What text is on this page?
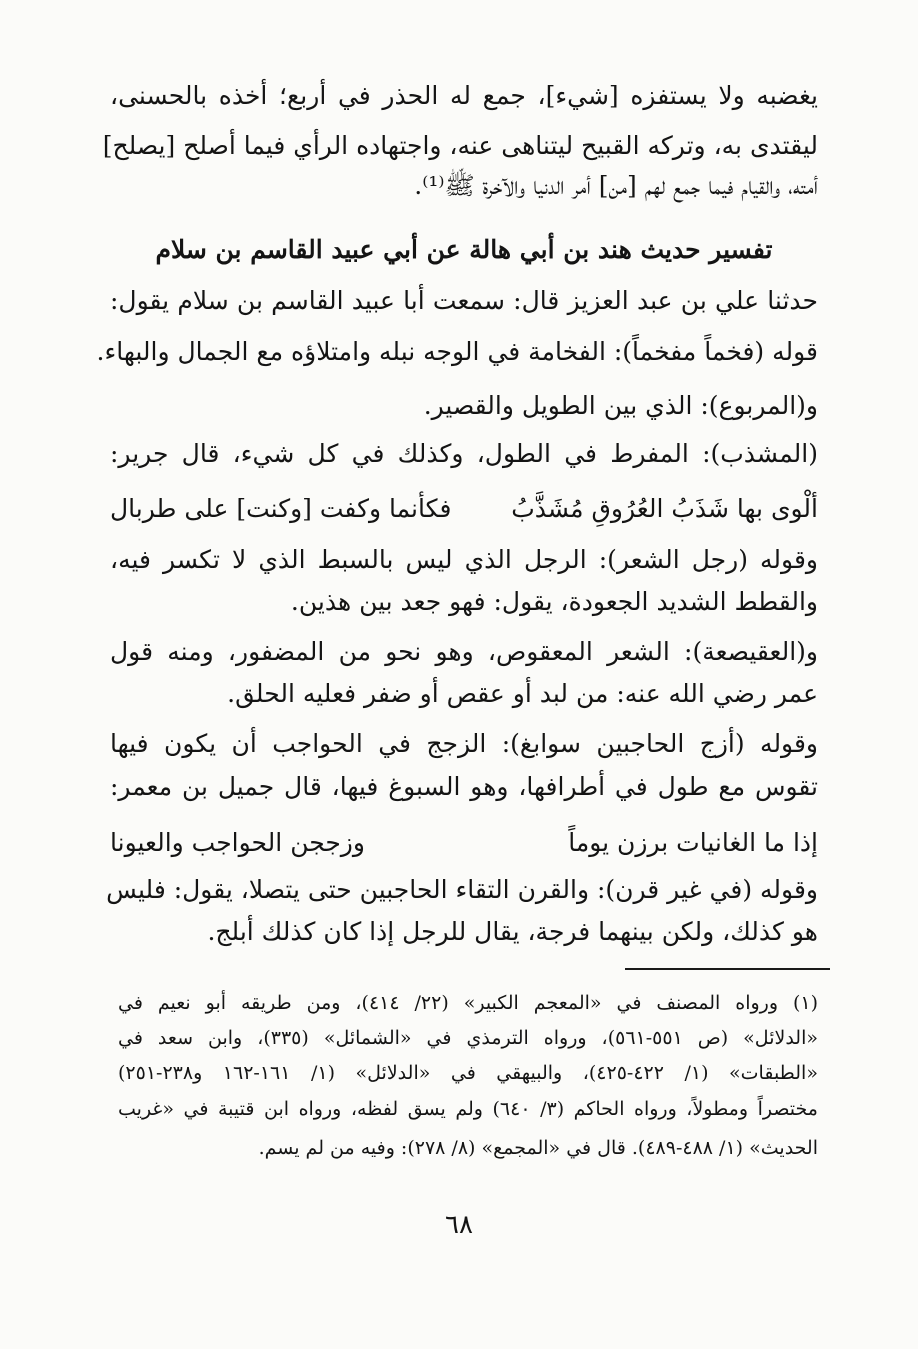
يغضبه ولا يستفزه [شيء]، جمع له الحذر في أربع؛ أخذه بالحسنى،
ليقتدى به، وتركه القبيح ليتناهى عنه، واجتهاده الرأي فيما أصلح [يصلح]
أمته، والقيام فيما جمع لهم [من] أمر الدنيا والآخرة ﷺ⁽¹⁾.
تفسير حديث هند بن أبي هالة عن أبي عبيد القاسم بن سلام
حدثنا علي بن عبد العزيز قال: سمعت أبا عبيد القاسم بن سلام يقول:
قوله (فخماً مفخماً): الفخامة في الوجه نبله وامتلاؤه مع الجمال والبهاء.
و(المربوع): الذي بين الطويل والقصير.
(المشذب): المفرط في الطول، وكذلك في كل شيء، قال جرير:
ألْوى بها شَذَبُ العُرُوقِ مُشَذَّبُ
فكأنما وكفت [وكنت] على طربال
وقوله (رجل الشعر): الرجل الذي ليس بالسبط الذي لا تكسر فيه،
والقطط الشديد الجعودة، يقول: فهو جعد بين هذين.
و(العقيصعة): الشعر المعقوص، وهو نحو من المضفور، ومنه قول
عمر رضي الله عنه: من لبد أو عقص أو ضفر فعليه الحلق.
وقوله (أزج الحاجبين سوابغ): الزجج في الحواجب أن يكون فيها
تقوس مع طول في أطرافها، وهو السبوغ فيها، قال جميل بن معمر:
إذا ما الغانيات برزن يوماً
وزججن الحواجب والعيونا
وقوله (في غير قرن): والقرن التقاء الحاجبين حتى يتصلا، يقول: فليس
هو كذلك، ولكن بينهما فرجة، يقال للرجل إذا كان كذلك أبلج.
(١) ورواه المصنف في «المعجم الكبير» (٢٢/ ٤١٤)، ومن طريقه أبو نعيم في
«الدلائل» (ص ٥٥١-٥٦١)، ورواه الترمذي في «الشمائل» (٣٣٥)، وابن سعد في
«الطبقات» (١/ ٤٢٢-٤٢٥)، والبيهقي في «الدلائل» (١/ ١٦١-١٦٢ و٢٣٨-٢٥١)
مختصراً ومطولاً، ورواه الحاكم (٣/ ٦٤٠) ولم يسق لفظه، ورواه ابن قتيبة في «غريب
الحديث» (١/ ٤٨٨-٤٨٩). قال في «المجمع» (٨/ ٢٧٨): وفيه من لم يسم.
٦٨
